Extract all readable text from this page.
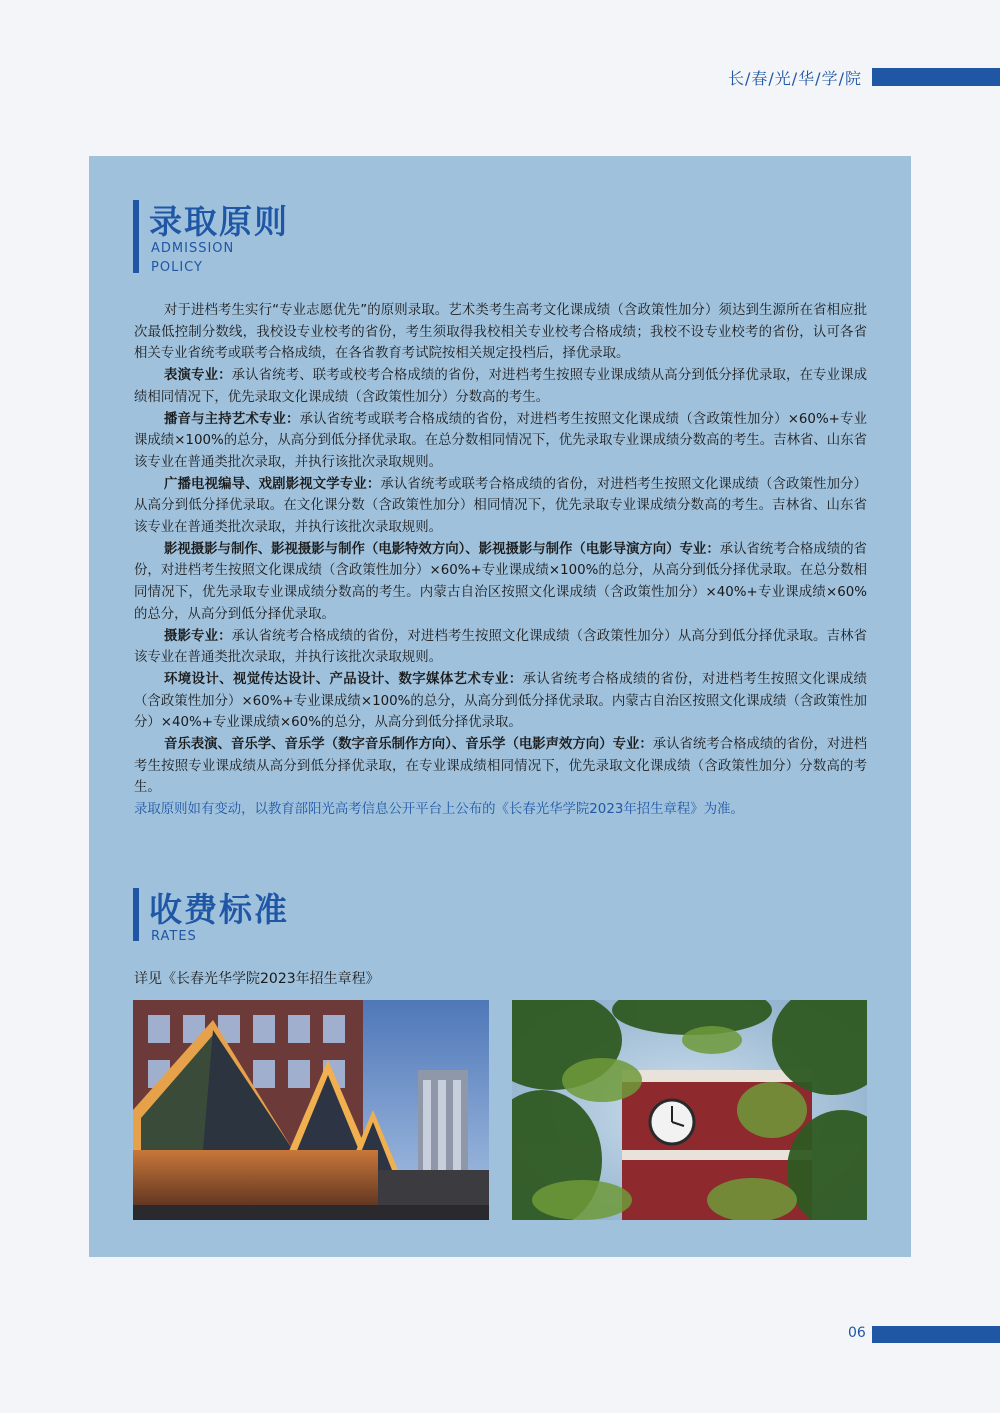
长/春/光/华/学/院
录取原则
ADMISSION
POLICY

对于进档考生实行“专业志愿优先”的原则录取。艺术类考生高考文化课成绩（含政策性加分）须达到生源所在省相应批次最低控制分数线，我校设专业校考的省份，考生须取得我校相关专业校考合格成绩；我校不设专业校考的省份，认可各省相关专业省统考或联考合格成绩，在各省教育考试院按相关规定投档后，择优录取。

表演专业：承认省统考、联考或校考合格成绩的省份，对进档考生按照专业课成绩从高分到低分择优录取，在专业课成绩相同情况下，优先录取文化课成绩（含政策性加分）分数高的考生。

播音与主持艺术专业：承认省统考或联考合格成绩的省份，对进档考生按照文化课成绩（含政策性加分）×60%+专业课成绩×100%的总分，从高分到低分择优录取。在总分数相同情况下，优先录取专业课成绩分数高的考生。吉林省、山东省该专业在普通类批次录取，并执行该批次录取规则。

广播电视编导、戏剧影视文学专业：承认省统考或联考合格成绩的省份，对进档考生按照文化课成绩（含政策性加分）从高分到低分择优录取。在文化课分数（含政策性加分）相同情况下，优先录取专业课成绩分数高的考生。吉林省、山东省该专业在普通类批次录取，并执行该批次录取规则。

影视摄影与制作、影视摄影与制作（电影特效方向）、影视摄影与制作（电影导演方向）专业：承认省统考合格成绩的省份，对进档考生按照文化课成绩（含政策性加分）×60%+专业课成绩×100%的总分，从高分到低分择优录取。在总分数相同情况下，优先录取专业课成绩分数高的考生。内蒙古自治区按照文化课成绩（含政策性加分）×40%+专业课成绩×60%的总分，从高分到低分择优录取。

摄影专业：承认省统考合格成绩的省份，对进档考生按照文化课成绩（含政策性加分）从高分到低分择优录取。吉林省该专业在普通类批次录取，并执行该批次录取规则。

环境设计、视觉传达设计、产品设计、数字媒体艺术专业：承认省统考合格成绩的省份，对进档考生按照文化课成绩（含政策性加分）×60%+专业课成绩×100%的总分，从高分到低分择优录取。内蒙古自治区按照文化课成绩（含政策性加分）×40%+专业课成绩×60%的总分，从高分到低分择优录取。

音乐表演、音乐学、音乐学（数字音乐制作方向）、音乐学（电影声效方向）专业：承认省统考合格成绩的省份，对进档考生按照专业课成绩从高分到低分择优录取，在专业课成绩相同情况下，优先录取文化课成绩（含政策性加分）分数高的考生。

录取原则如有变动，以教育部阳光高考信息公开平台上公布的《长春光华学院2023年招生章程》为准。

收费标准
RATES
详见《长春光华学院2023年招生章程》
06
